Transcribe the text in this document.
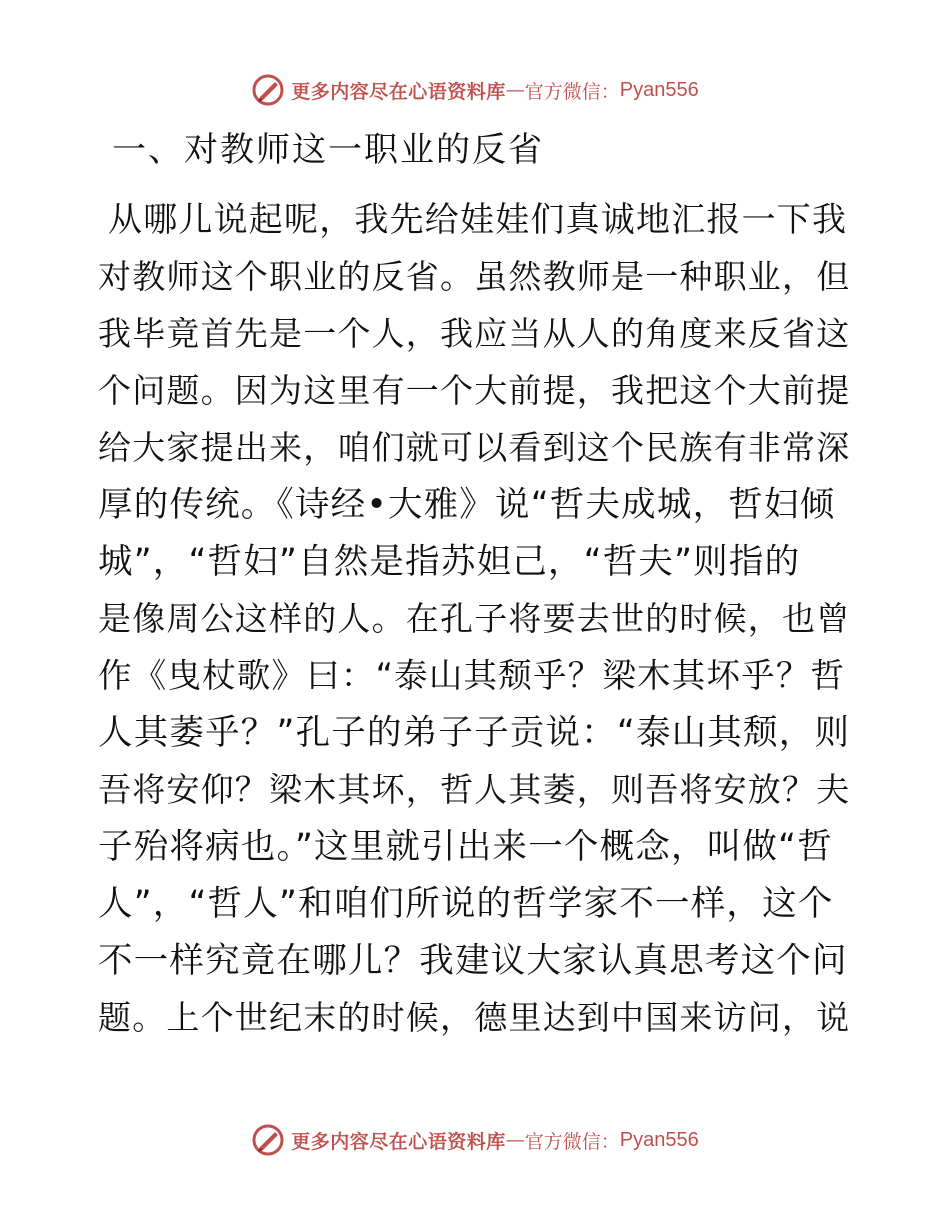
更多内容尽在心语资料库 — 官方微信： Pyan556
一、对教师这一职业的反省
从哪儿说起呢，我先给娃娃们真诚地汇报一下我
对教师这个职业的反省。虽然教师是一种职业，但
我毕竟首先是一个人，我应当从人的角度来反省这
个问题。因为这里有一个大前提，我把这个大前提
给大家提出来，咱们就可以看到这个民族有非常深
厚的传统。《诗经•大雅》说“哲夫成城，哲妇倾
城”，“哲妇”自然是指苏妲己，“哲夫”则指的
是像周公这样的人。在孔子将要去世的时候，也曾
作《曳杖歌》曰：“泰山其颓乎？梁木其坏乎？哲
人其萎乎？”孔子的弟子子贡说：“泰山其颓，则
吾将安仰？梁木其坏，哲人其萎，则吾将安放？夫
子殆将病也。”这里就引出来一个概念，叫做“哲
人”，“哲人”和咱们所说的哲学家不一样，这个
不一样究竟在哪儿？我建议大家认真思考这个问
题。上个世纪末的时候，德里达到中国来访问，说
更多内容尽在心语资料库 — 官方微信： Pyan556
